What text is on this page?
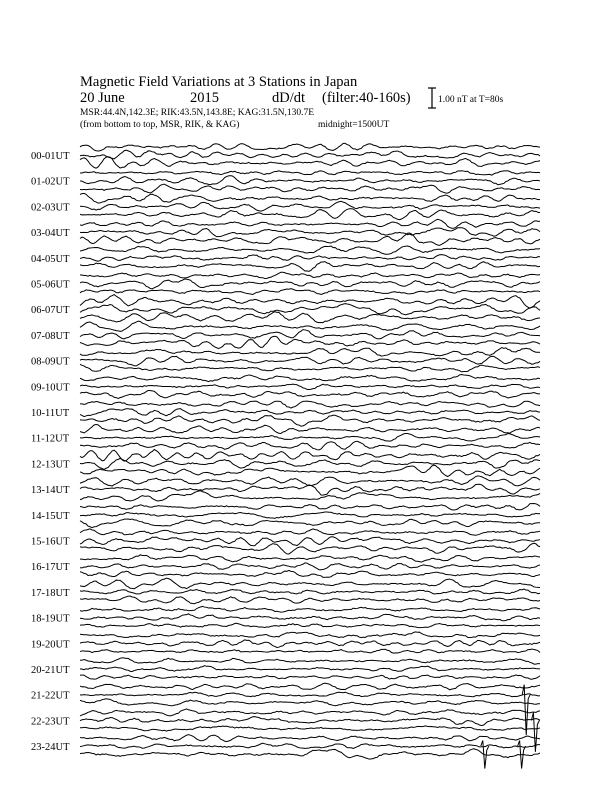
Magnetic Field Variations at 3 Stations in Japan
20 June	2015	dD/dt (filter:40-160s)
MSR:44.4N,142.3E; RIK:43.5N,143.8E; KAG:31.5N,130.7E
(from bottom to top, MSR, RIK, & KAG)	midnight=1500UT
1.00 nT at T=80s
00-01UT
01-02UT
02-03UT
03-04UT
04-05UT
05-06UT
06-07UT
07-08UT
08-09UT
09-10UT
10-11UT
11-12UT
12-13UT
13-14UT
14-15UT
15-16UT
16-17UT
17-18UT
18-19UT
19-20UT
20-21UT
21-22UT
22-23UT
23-24UT
